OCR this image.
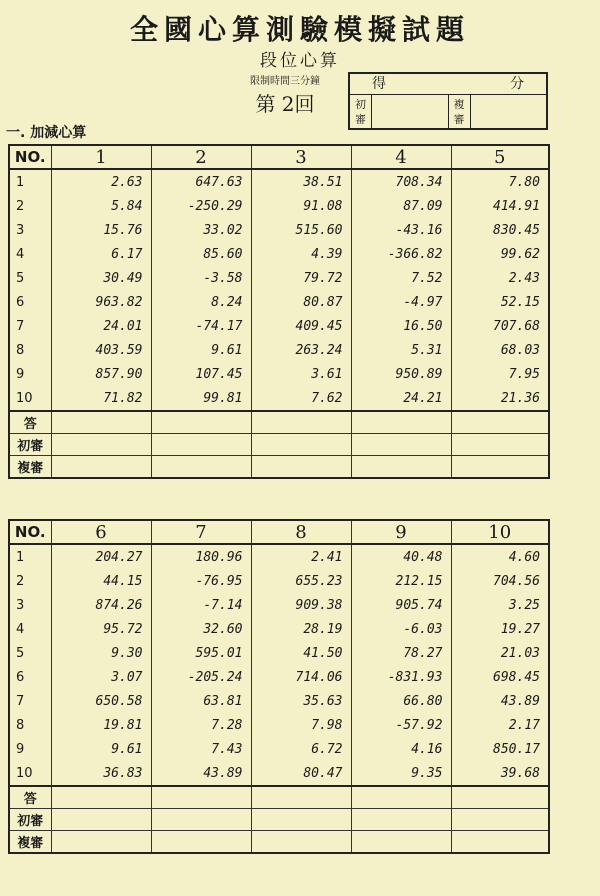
全國心算測驗模擬試題
段位心算
限制時間三分鐘
第 2回
得	分
初審
複審
一. 加減心算
NO.	1	2	3	4	5
1	2.63	647.63	38.51	708.34	7.80
2	5.84	-250.29	91.08	87.09	414.91
3	15.76	33.02	515.60	-43.16	830.45
4	6.17	85.60	4.39	-366.82	99.62
5	30.49	-3.58	79.72	7.52	2.43
6	963.82	8.24	80.87	-4.97	52.15
7	24.01	-74.17	409.45	16.50	707.68
8	403.59	9.61	263.24	5.31	68.03
9	857.90	107.45	3.61	950.89	7.95
10	71.82	99.81	7.62	24.21	21.36
答					
初審					
複審					
NO.	6	7	8	9	10
1	204.27	180.96	2.41	40.48	4.60
2	44.15	-76.95	655.23	212.15	704.56
3	874.26	-7.14	909.38	905.74	3.25
4	95.72	32.60	28.19	-6.03	19.27
5	9.30	595.01	41.50	78.27	21.03
6	3.07	-205.24	714.06	-831.93	698.45
7	650.58	63.81	35.63	66.80	43.89
8	19.81	7.28	7.98	-57.92	2.17
9	9.61	7.43	6.72	4.16	850.17
10	36.83	43.89	80.47	9.35	39.68
答					
初審					
複審					
